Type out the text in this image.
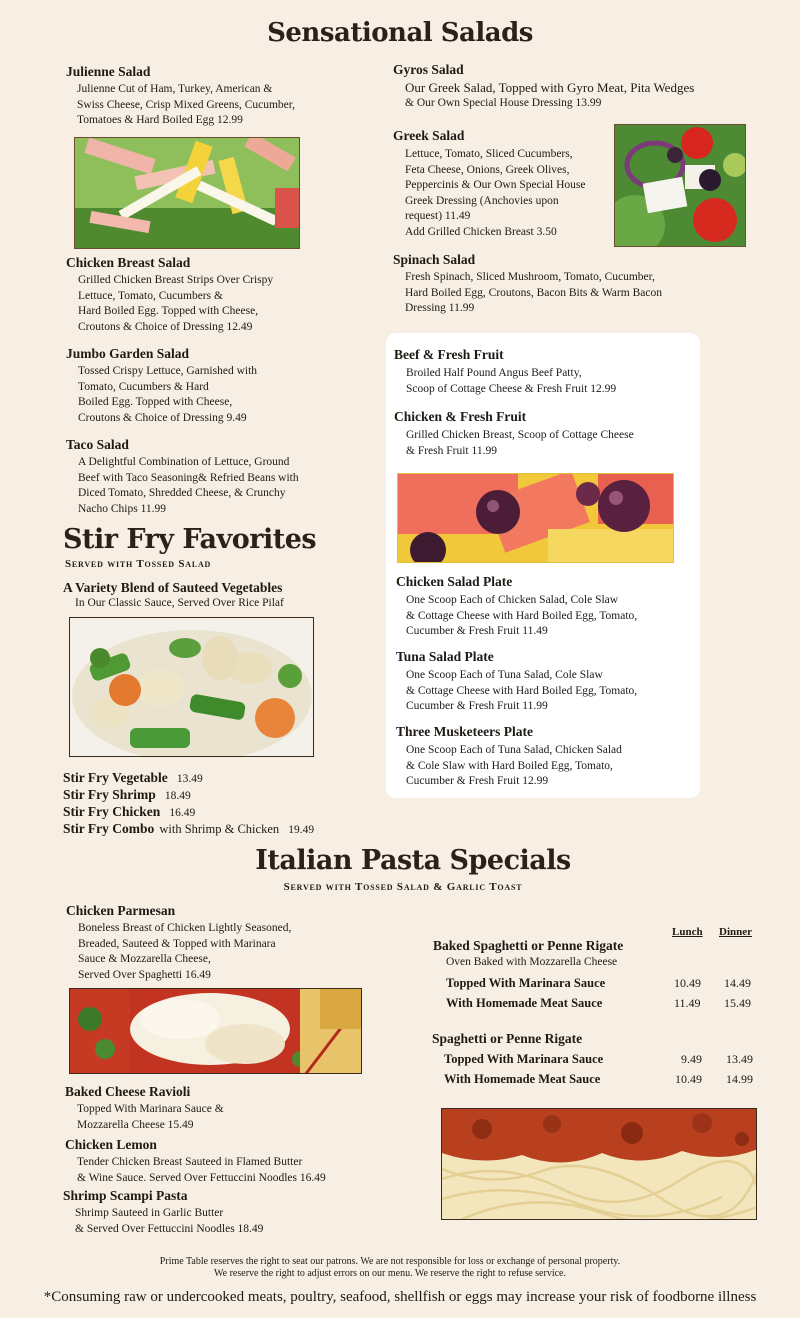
Sensational Salads
Julienne Salad
Julienne Cut of Ham, Turkey, American &
Swiss Cheese, Crisp Mixed Greens, Cucumber,
Tomatoes & Hard Boiled Egg 12.99
Chicken Breast Salad
Grilled Chicken Breast Strips Over Crispy
Lettuce, Tomato, Cucumbers &
Hard Boiled Egg. Topped with Cheese,
Croutons & Choice of Dressing 12.49
Jumbo Garden Salad
Tossed Crispy Lettuce, Garnished with
Tomato, Cucumbers & Hard
Boiled Egg. Topped with Cheese,
Croutons & Choice of Dressing 9.49
Taco Salad
A Delightful Combination of Lettuce, Ground
Beef with Taco Seasoning& Refried Beans with
Diced Tomato, Shredded Cheese, & Crunchy
Nacho Chips 11.99
Gyros Salad
Our Greek Salad, Topped with Gyro Meat, Pita Wedges
& Our Own Special House Dressing 13.99
Greek Salad
Lettuce, Tomato, Sliced Cucumbers,
Feta Cheese, Onions, Greek Olives,
Peppercinis & Our Own Special House
Greek Dressing (Anchovies upon
request) 11.49
Add Grilled Chicken Breast 3.50
Spinach Salad
Fresh Spinach, Sliced Mushroom, Tomato, Cucumber,
Hard Boiled Egg, Croutons, Bacon Bits & Warm Bacon
Dressing 11.99
Beef & Fresh Fruit
Broiled Half Pound Angus Beef Patty,
Scoop of Cottage Cheese & Fresh Fruit 12.99
Chicken & Fresh Fruit
Grilled Chicken Breast, Scoop of Cottage Cheese
& Fresh Fruit 11.99
Chicken Salad Plate
One Scoop Each of Chicken Salad, Cole Slaw
& Cottage Cheese with Hard Boiled Egg, Tomato,
Cucumber & Fresh Fruit 11.49
Tuna Salad Plate
One Scoop Each of Tuna Salad, Cole Slaw
& Cottage Cheese with Hard Boiled Egg, Tomato,
Cucumber & Fresh Fruit 11.99
Three Musketeers Plate
One Scoop Each of Tuna Salad, Chicken Salad
& Cole Slaw with Hard Boiled Egg, Tomato,
Cucumber & Fresh Fruit 12.99
Stir Fry Favorites
Served with Tossed Salad
A Variety Blend of Sauteed Vegetables
In Our Classic Sauce, Served Over Rice Pilaf
Stir Fry Vegetable 13.49
Stir Fry Shrimp 18.49
Stir Fry Chicken 16.49
Stir Fry Combo with Shrimp & Chicken 19.49
Italian Pasta Specials
Served with Tossed Salad & Garlic Toast
Chicken Parmesan
Boneless Breast of Chicken Lightly Seasoned,
Breaded, Sauteed & Topped with Marinara
Sauce & Mozzarella Cheese,
Served Over Spaghetti 16.49
Baked Cheese Ravioli
Topped With Marinara Sauce &
Mozzarella Cheese 15.49
Chicken Lemon
Tender Chicken Breast Sauteed in Flamed Butter
& Wine Sauce. Served Over Fettuccini Noodles 16.49
Shrimp Scampi Pasta
Shrimp Sauteed in Garlic Butter
& Served Over Fettuccini Noodles 18.49
Lunch Dinner
Baked Spaghetti or Penne Rigate
Oven Baked with Mozzarella Cheese
Topped With Marinara Sauce	10.49 14.49
With Homemade Meat Sauce	11.49 15.49
Spaghetti or Penne Rigate
Topped With Marinara Sauce	9.49 13.49
With Homemade Meat Sauce	10.49 14.99
Prime Table reserves the right to seat our patrons. We are not responsible for loss or exchange of personal property.
We reserve the right to adjust errors on our menu. We reserve the right to refuse service.
*Consuming raw or undercooked meats, poultry, seafood, shellfish or eggs may increase your risk of foodborne illness
